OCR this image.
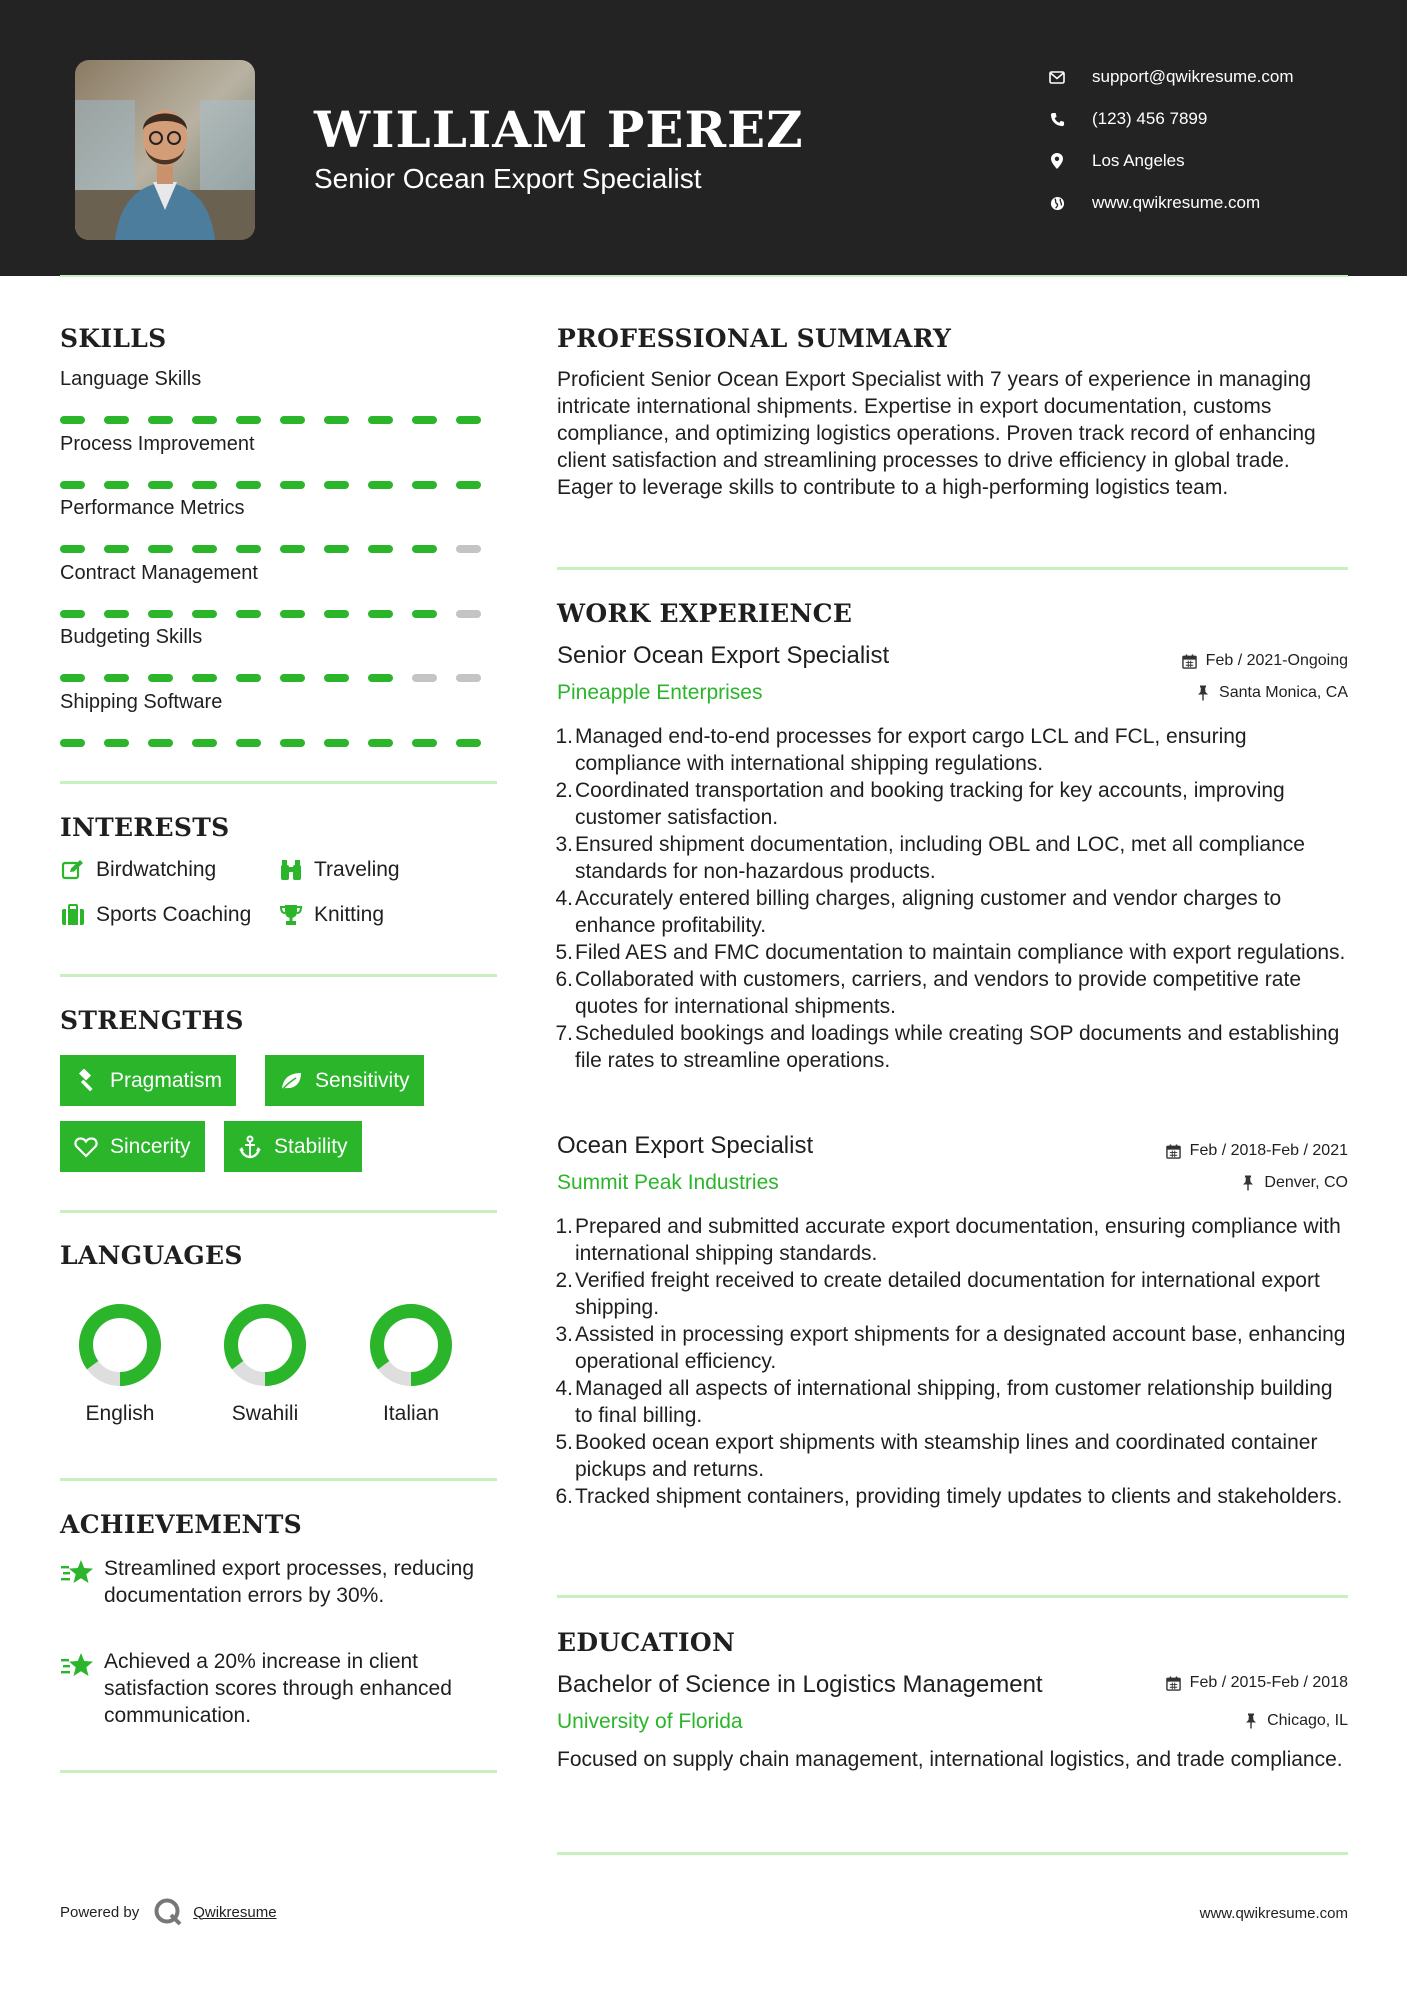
WILLIAM PEREZ
Senior Ocean Export Specialist
support@qwikresume.com
(123) 456 7899
Los Angeles
www.qwikresume.com
SKILLS
Language Skills
Process Improvement
Performance Metrics
Contract Management
Budgeting Skills
Shipping Software
INTERESTS
Birdwatching	Traveling
Sports Coaching	Knitting
STRENGTHS
Pragmatism	Sensitivity
Sincerity	Stability
LANGUAGES
English	Swahili	Italian
ACHIEVEMENTS
Streamlined export processes, reducing documentation errors by 30%.
Achieved a 20% increase in client satisfaction scores through enhanced communication.
PROFESSIONAL SUMMARY
Proficient Senior Ocean Export Specialist with 7 years of experience in managing intricate international shipments. Expertise in export documentation, customs compliance, and optimizing logistics operations. Proven track record of enhancing client satisfaction and streamlining processes to drive efficiency in global trade. Eager to leverage skills to contribute to a high-performing logistics team.
WORK EXPERIENCE
Senior Ocean Export Specialist	Feb / 2021-Ongoing
Pineapple Enterprises	Santa Monica, CA
1. Managed end-to-end processes for export cargo LCL and FCL, ensuring compliance with international shipping regulations.
2. Coordinated transportation and booking tracking for key accounts, improving customer satisfaction.
3. Ensured shipment documentation, including OBL and LOC, met all compliance standards for non-hazardous products.
4. Accurately entered billing charges, aligning customer and vendor charges to enhance profitability.
5. Filed AES and FMC documentation to maintain compliance with export regulations.
6. Collaborated with customers, carriers, and vendors to provide competitive rate quotes for international shipments.
7. Scheduled bookings and loadings while creating SOP documents and establishing file rates to streamline operations.
Ocean Export Specialist	Feb / 2018-Feb / 2021
Summit Peak Industries	Denver, CO
1. Prepared and submitted accurate export documentation, ensuring compliance with international shipping standards.
2. Verified freight received to create detailed documentation for international export shipping.
3. Assisted in processing export shipments for a designated account base, enhancing operational efficiency.
4. Managed all aspects of international shipping, from customer relationship building to final billing.
5. Booked ocean export shipments with steamship lines and coordinated container pickups and returns.
6. Tracked shipment containers, providing timely updates to clients and stakeholders.
EDUCATION
Bachelor of Science in Logistics Management	Feb / 2015-Feb / 2018
University of Florida	Chicago, IL
Focused on supply chain management, international logistics, and trade compliance.
Powered by	Qwikresume	www.qwikresume.com
